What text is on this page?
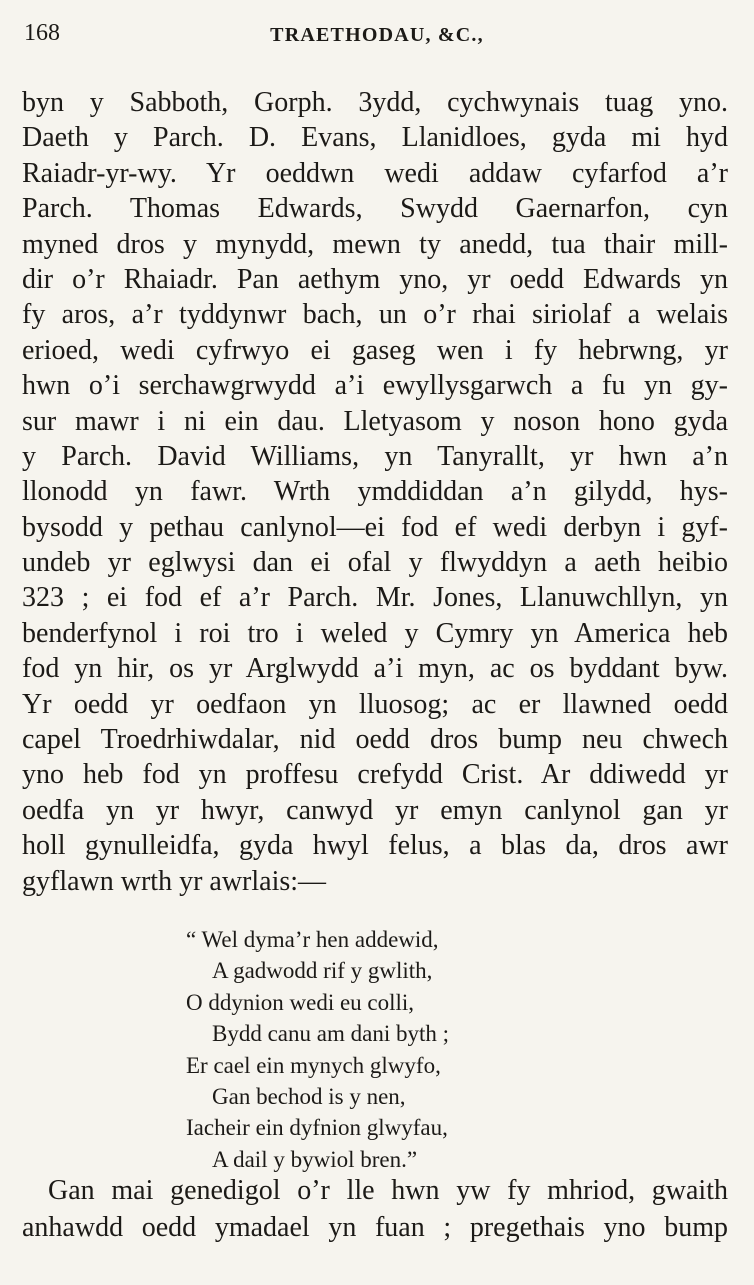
168	TRAETHODAU, &C.,
byn y Sabboth, Gorph. 3ydd, cychwynais tuag yno.
Daeth y Parch. D. Evans, Llanidloes, gyda mi hyd
Raiadr-yr-wy. Yr oeddwn wedi addaw cyfarfod a’r
Parch. Thomas Edwards, Swydd Gaernarfon, cyn
myned dros y mynydd, mewn ty anedd, tua thair mill-
dir o’r Rhaiadr. Pan aethym yno, yr oedd Edwards yn
fy aros, a’r tyddynwr bach, un o’r rhai siriolaf a welais
erioed, wedi cyfrwyo ei gaseg wen i fy hebrwng, yr
hwn o’i serchawgrwydd a’i ewyllysgarwch a fu yn gy-
sur mawr i ni ein dau. Lletyasom y noson hono gyda
y Parch. David Williams, yn Tanyrallt, yr hwn a’n
llonodd yn fawr. Wrth ymddiddan a’n gilydd, hys-
bysodd y pethau canlynol—ei fod ef wedi derbyn i gyf-
undeb yr eglwysi dan ei ofal y flwyddyn a aeth heibio
323 ; ei fod ef a’r Parch. Mr. Jones, Llanuwchllyn, yn
benderfynol i roi tro i weled y Cymry yn America heb
fod yn hir, os yr Arglwydd a’i myn, ac os byddant byw.
Yr oedd yr oedfaon yn lluosog; ac er llawned oedd
capel Troedrhiwdalar, nid oedd dros bump neu chwech
yno heb fod yn proffesu crefydd Crist. Ar ddiwedd yr
oedfa yn yr hwyr, canwyd yr emyn canlynol gan yr
holl gynulleidfa, gyda hwyl felus, a blas da, dros awr
gyflawn wrth yr awrlais:—
“ Wel dyma’r hen addewid,
A gadwodd rif y gwlith,
O ddynion wedi eu colli,
Bydd canu am dani byth ;
Er cael ein mynych glwyfo,
Gan bechod is y nen,
Iacheir ein dyfnion glwyfau,
A dail y bywiol bren.”
Gan mai genedigol o’r lle hwn yw fy mhriod, gwaith
anhawdd oedd ymadael yn fuan ; pregethais yno bump
